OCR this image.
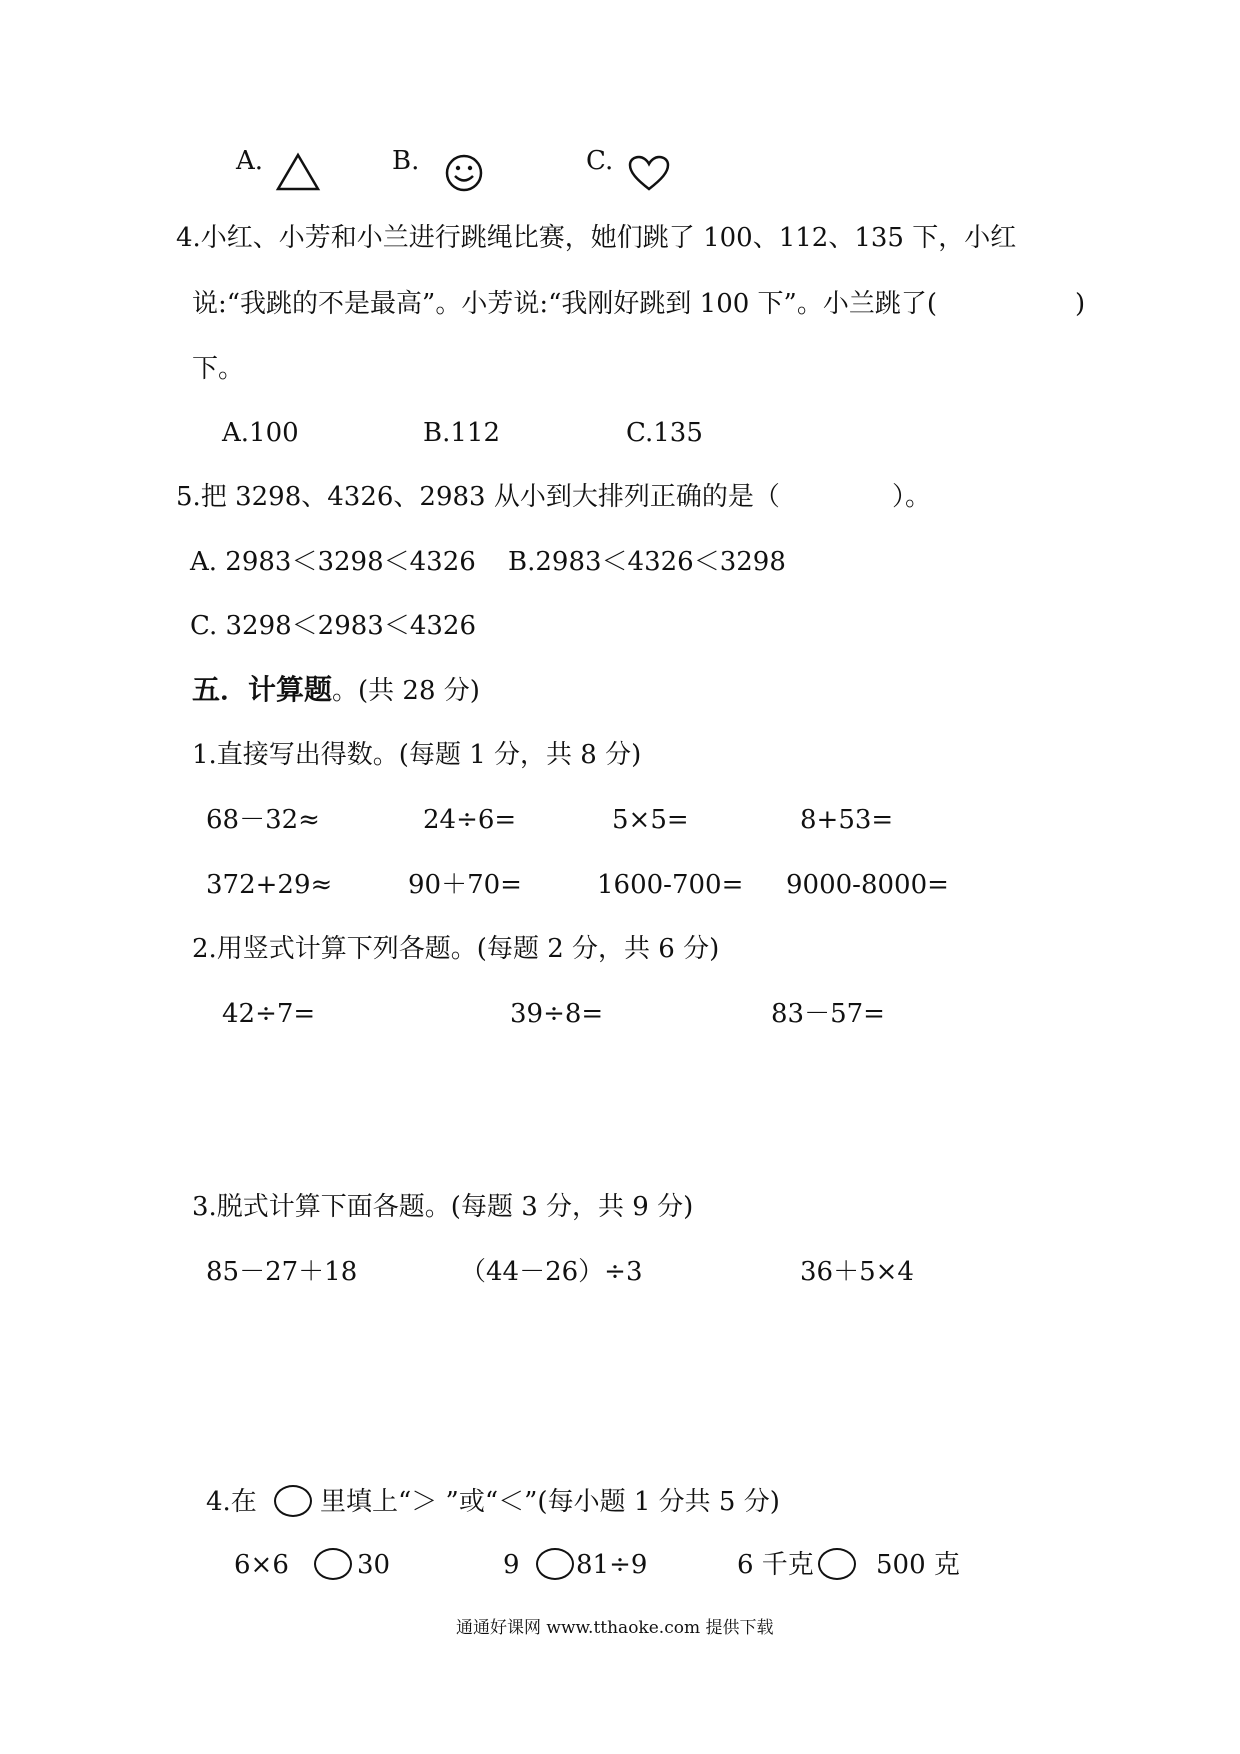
A.	B.	C.
4.小红、小芳和小兰进行跳绳比赛，她们跳了 100、112、135 下，小红
说:“我跳的不是最高”。小芳说:“我刚好跳到 100 下”。小兰跳了(	)
下。
A.100	B.112	C.135
5.把 3298、4326、2983 从小到大排列正确的是（	）。
A. 2983＜3298＜4326 B.2983＜4326＜3298
C. 3298＜2983＜4326
五．计算题。(共 28 分)
1.直接写出得数。(每题 1 分，共 8 分)
68－32≈	24÷6=	5×5=	8+53=
372+29≈	90＋70=	1600-700= 9000-8000=
2.用竖式计算下列各题。(每题 2 分，共 6 分)
42÷7=	39÷8=	83－57=
3.脱式计算下面各题。(每题 3 分，共 9 分)
85－27＋18	（44－26）÷3	36＋5×4
4.在 里填上“＞ ”或“＜”(每小题 1 分共 5 分)
6×6	30	9 81÷9	6 千克 500 克
通通好课网 www.tthaoke.com 提供下载
